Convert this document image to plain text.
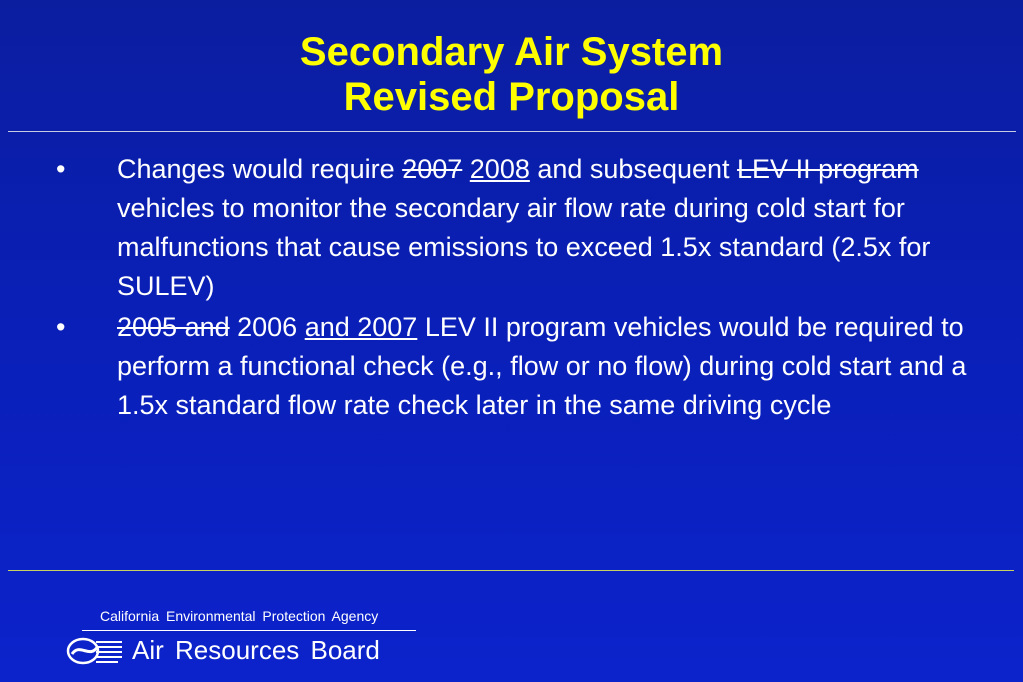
Secondary Air System
Revised Proposal
• Changes would require 2007 2008 and subsequent LEV II program vehicles to monitor the secondary air flow rate during cold start for malfunctions that cause emissions to exceed 1.5x standard (2.5x for SULEV)
• 2005 and 2006 and 2007 LEV II program vehicles would be required to perform a functional check (e.g., flow or no flow) during cold start and a 1.5x standard flow rate check later in the same driving cycle
California Environmental Protection Agency
Air Resources Board
